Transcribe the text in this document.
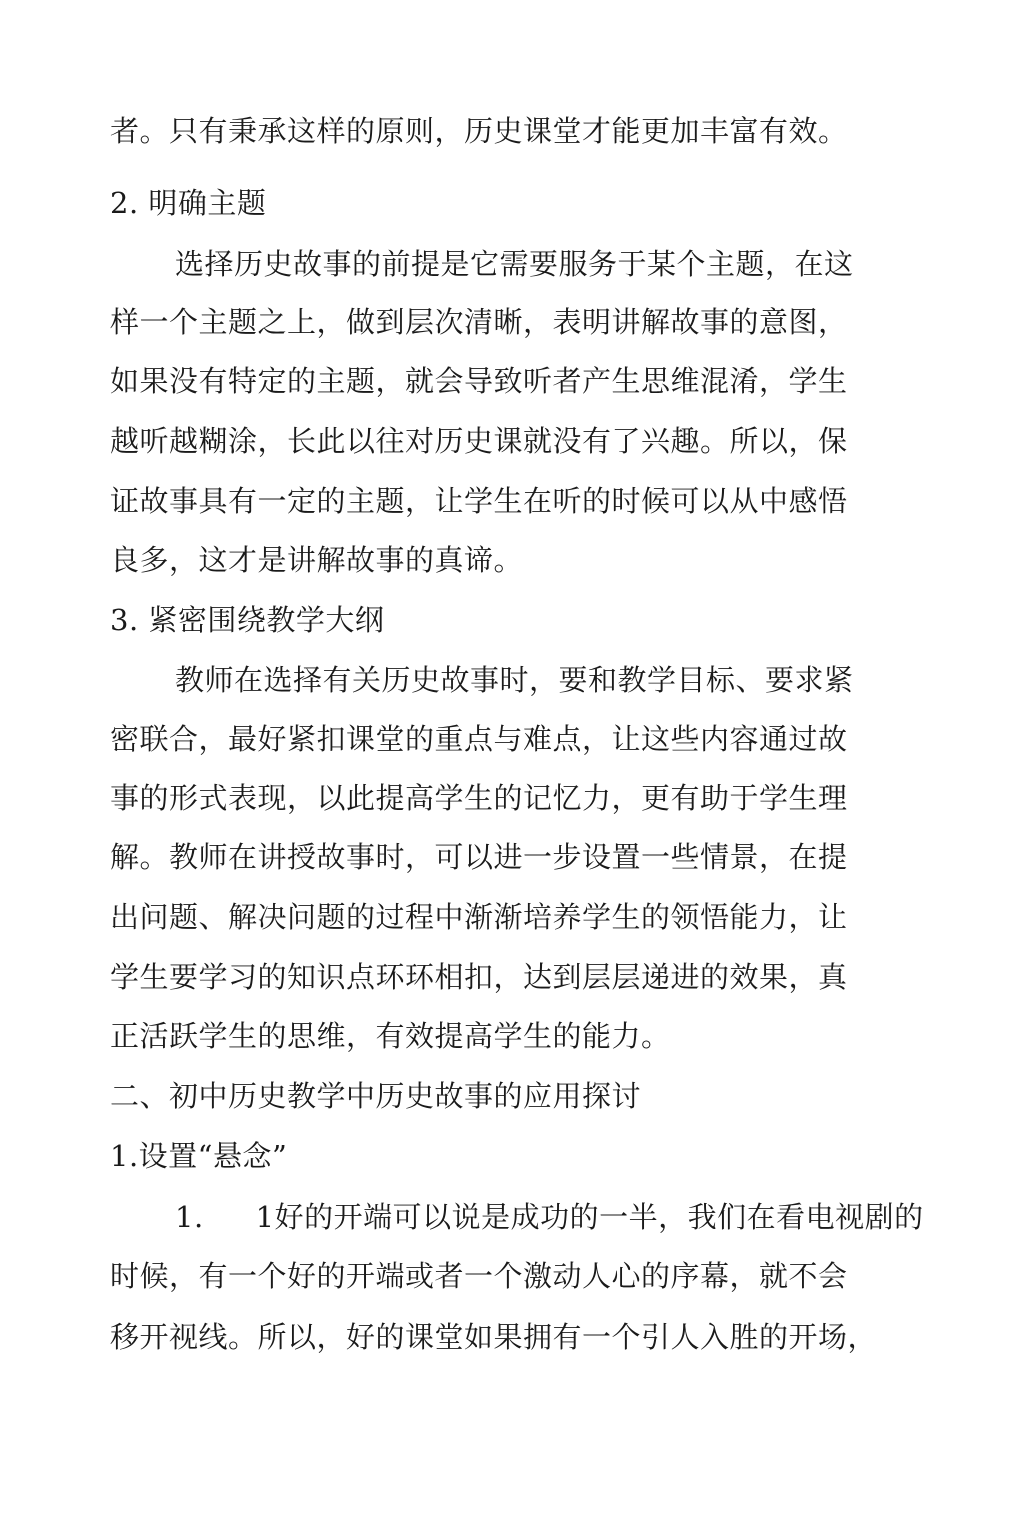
者。只有秉承这样的原则，历史课堂才能更加丰富有效。
2. 明确主题
选择历史故事的前提是它需要服务于某个主题，在这
样一个主题之上，做到层次清晰，表明讲解故事的意图，
如果没有特定的主题，就会导致听者产生思维混淆，学生
越听越糊涂，长此以往对历史课就没有了兴趣。所以，保
证故事具有一定的主题，让学生在听的时候可以从中感悟
良多，这才是讲解故事的真谛。
3. 紧密围绕教学大纲
教师在选择有关历史故事时，要和教学目标、要求紧
密联合，最好紧扣课堂的重点与难点，让这些内容通过故
事的形式表现，以此提高学生的记忆力，更有助于学生理
解。教师在讲授故事时，可以进一步设置一些情景，在提
出问题、解决问题的过程中渐渐培养学生的领悟能力，让
学生要学习的知识点环环相扣，达到层层递进的效果，真
正活跃学生的思维，有效提高学生的能力。
二、初中历史教学中历史故事的应用探讨
1.设置“悬念”
1. 1好的开端可以说是成功的一半，我们在看电视剧的
时候，有一个好的开端或者一个激动人心的序幕，就不会
移开视线。所以，好的课堂如果拥有一个引人入胜的开场，
